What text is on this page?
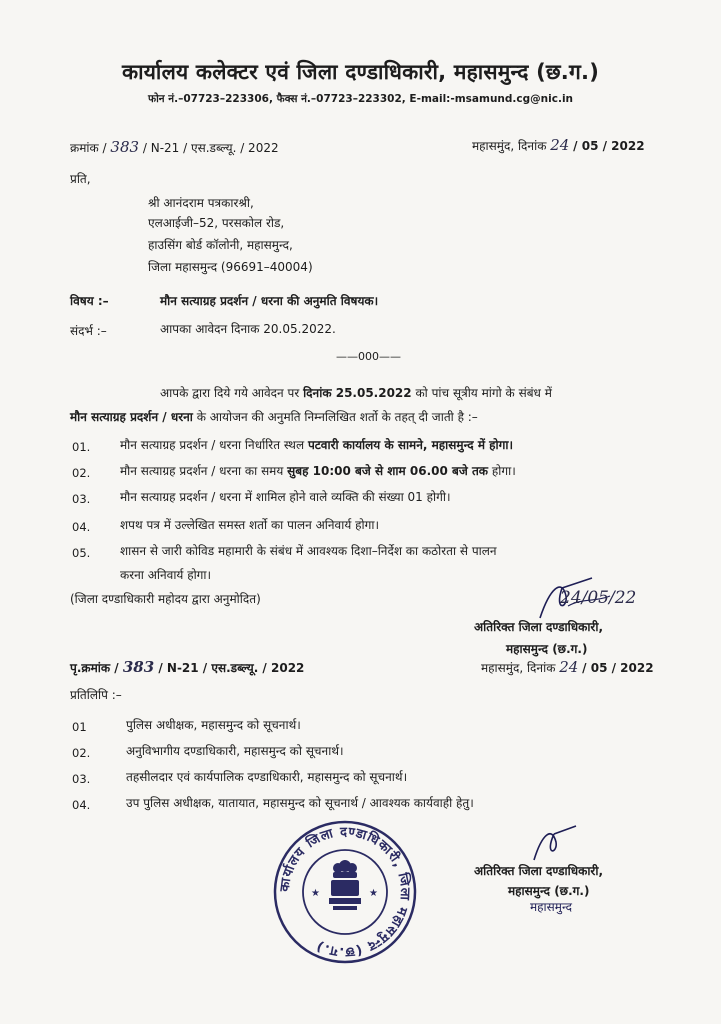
कार्यालय कलेक्टर एवं जिला दण्डाधिकारी, महासमुन्द (छ.ग.)
फोन नं.–07723–223306, फैक्स नं.–07723–223302, E-mail:-msamund.cg@nic.in
क्रमांक / 383 / N-21 / एस.डब्ल्यू. / 2022	महासमुंद, दिनांक 24 / 05 / 2022
प्रति,
श्री आनंदराम पत्रकारश्री,
एलआईजी–52, परसकोल रोड,
हाउसिंग बोर्ड कॉलोनी, महासमुन्द,
जिला महासमुन्द (96691–40004)
विषय :–	मौन सत्याग्रह प्रदर्शन / धरना की अनुमति विषयक।
संदर्भ :–	आपका आवेदन दिनाक 20.05.2022.
——000——
आपके द्वारा दिये गये आवेदन पर दिनांक 25.05.2022 को पांच सूत्रीय मांगो के संबंध में
मौन सत्याग्रह प्रदर्शन / धरना के आयोजन की अनुमति निम्नलिखित शर्तो के तहत् दी जाती है :–
01. मौन सत्याग्रह प्रदर्शन / धरना निर्धारित स्थल पटवारी कार्यालय के सामने, महासमुन्द में होगा।
02. मौन सत्याग्रह प्रदर्शन / धरना का समय सुबह 10:00 बजे से शाम 06.00 बजे तक होगा।
03. मौन सत्याग्रह प्रदर्शन / धरना में शामिल होने वाले व्यक्ति की संख्या 01 होगी।
04. शपथ पत्र में उल्लेखित समस्त शर्तो का पालन अनिवार्य होगा।
05. शासन से जारी कोविड महामारी के संबंध में आवश्यक दिशा–निर्देश का कठोरता से पालन
करना अनिवार्य होगा।
(जिला दण्डाधिकारी महोदय द्वारा अनुमोदित)	24/05/22
अतिरिक्त जिला दण्डाधिकारी,
महासमुन्द (छ.ग.)
पृ.क्रमांक / 383 / N-21 / एस.डब्ल्यू. / 2022	महासमुंद, दिनांक 24 / 05 / 2022
प्रतिलिपि :–
01	पुलिस अधीक्षक, महासमुन्द को सूचनार्थ।
02.	अनुविभागीय दण्डाधिकारी, महासमुन्द को सूचनार्थ।
03.	तहसीलदार एवं कार्यपालिक दण्डाधिकारी, महासमुन्द को सूचनार्थ।
04.	उप पुलिस अधीक्षक, यातायात, महासमुन्द को सूचनार्थ / आवश्यक कार्यवाही हेतु।
कार्यालय जिला दण्डाधिकारी, जिला महासमुन्द (छ.ग.)
★	★
अतिरिक्त जिला दण्डाधिकारी,
महासमुन्द (छ.ग.)
महासमुन्द
